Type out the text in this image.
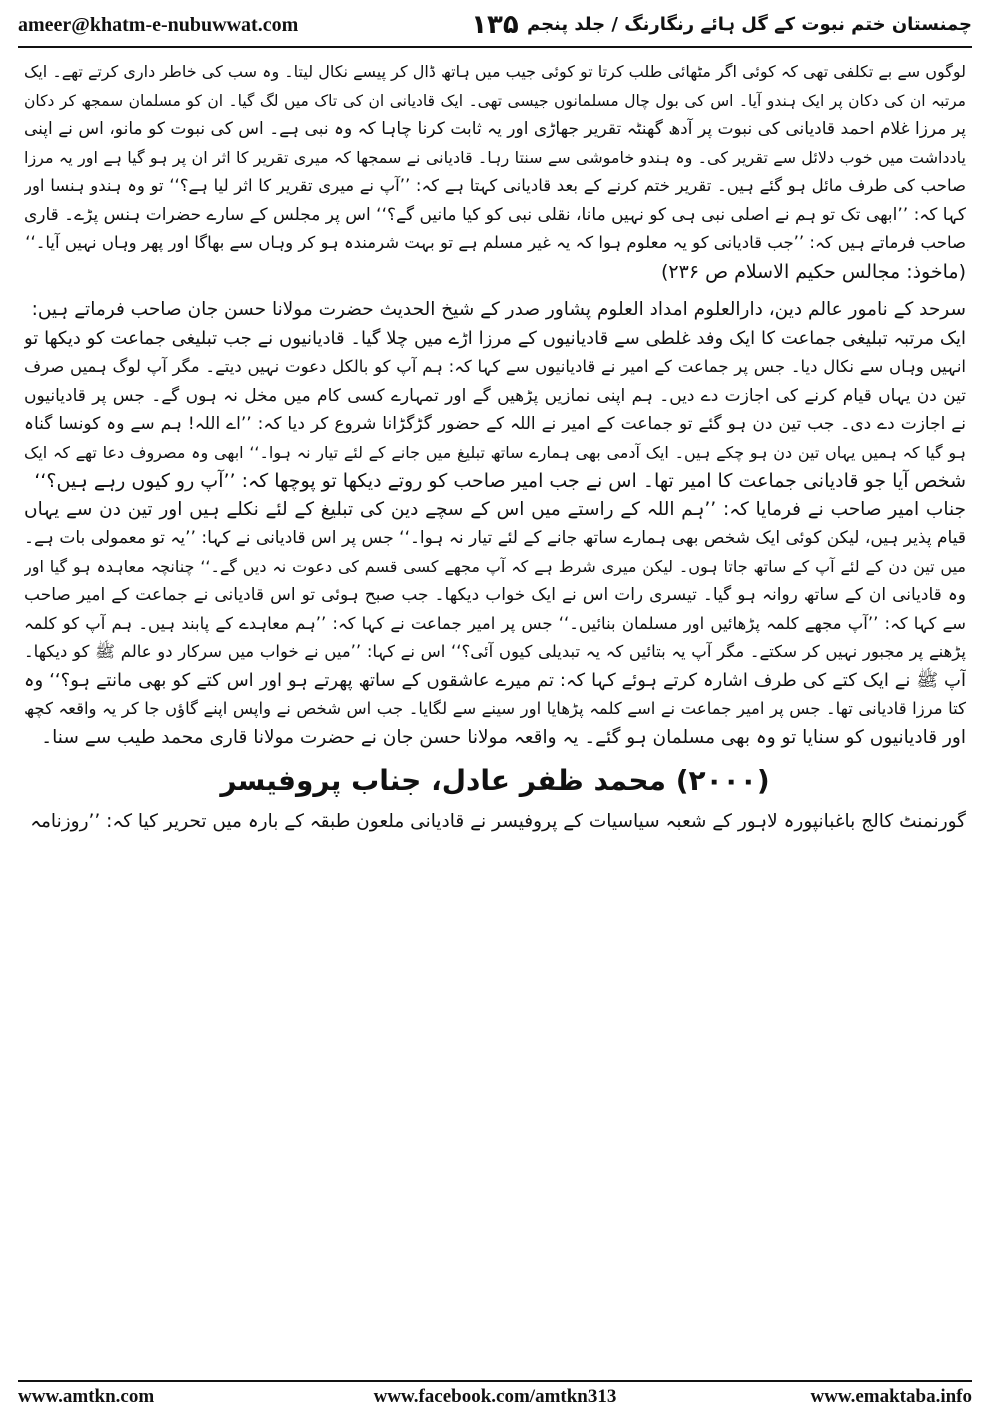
ameer@khatm-e-nubuwwat.com	۱۳۵ چمنستان ختم نبوت کے گل ہائے رنگارنگ / جلد پنجم
لوگوں سے بے تکلفی تھی کہ کوئی اگر مٹھائی طلب کرتا تو کوئی جیب میں ہاتھ ڈال کر پیسے نکال لیتا۔ وہ سب کی خاطر داری کرتے تھے۔ ایک
مرتبہ ان کی دکان پر ایک ہندو آیا۔ اس کی بول چال مسلمانوں جیسی تھی۔ ایک قادیانی ان کی تاک میں لگ گیا۔ ان کو مسلمان سمجھ کر دکان
پر مرزا غلام احمد قادیانی کی نبوت پر آدھ گھنٹہ تقریر جھاڑی اور یہ ثابت کرنا چاہا کہ وہ نبی ہے۔ اس کی نبوت کو مانو، اس نے اپنی
یادداشت میں خوب دلائل سے تقریر کی۔ وہ ہندو خاموشی سے سنتا رہا۔ قادیانی نے سمجھا کہ میری تقریر کا اثر ان پر ہو گیا ہے اور یہ مرزا
صاحب کی طرف مائل ہو گئے ہیں۔ تقریر ختم کرنے کے بعد قادیانی کہتا ہے کہ: ’’آپ نے میری تقریر کا اثر لیا ہے؟‘‘ تو وہ ہندو ہنسا اور
کہا کہ: ’’ابھی تک تو ہم نے اصلی نبی ہی کو نہیں مانا، نقلی نبی کو کیا مانیں گے؟‘‘ اس پر مجلس کے سارے حضرات ہنس پڑے۔ قاری
صاحب فرماتے ہیں کہ: ’’جب قادیانی کو یہ معلوم ہوا کہ یہ غیر مسلم ہے تو بہت شرمندہ ہو کر وہاں سے بھاگا اور پھر وہاں نہیں آیا۔‘‘
(ماخوذ: مجالس حکیم الاسلام ص ۲۳۶)
سرحد کے نامور عالم دین، دارالعلوم امداد العلوم پشاور صدر کے شیخ الحدیث حضرت مولانا حسن جان صاحب فرماتے ہیں:
ایک مرتبہ تبلیغی جماعت کا ایک وفد غلطی سے قادیانیوں کے مرزا اڑے میں چلا گیا۔ قادیانیوں نے جب تبلیغی جماعت کو دیکھا تو
انہیں وہاں سے نکال دیا۔ جس پر جماعت کے امیر نے قادیانیوں سے کہا کہ: ہم آپ کو بالکل دعوت نہیں دیتے۔ مگر آپ لوگ ہمیں صرف
تین دن یہاں قیام کرنے کی اجازت دے دیں۔ ہم اپنی نمازیں پڑھیں گے اور تمہارے کسی کام میں مخل نہ ہوں گے۔ جس پر قادیانیوں
نے اجازت دے دی۔ جب تین دن ہو گئے تو جماعت کے امیر نے اللہ کے حضور گڑگڑانا شروع کر دیا کہ: ’’اے اللہ! ہم سے وہ کونسا گناہ
ہو گیا کہ ہمیں یہاں تین دن ہو چکے ہیں۔ ایک آدمی بھی ہمارے ساتھ تبلیغ میں جانے کے لئے تیار نہ ہوا۔‘‘ ابھی وہ مصروف دعا تھے کہ ایک
شخص آیا جو قادیانی جماعت کا امیر تھا۔ اس نے جب امیر صاحب کو روتے دیکھا تو پوچھا کہ: ’’آپ رو کیوں رہے ہیں؟‘‘
جناب امیر صاحب نے فرمایا کہ: ’’ہم اللہ کے راستے میں اس کے سچے دین کی تبلیغ کے لئے نکلے ہیں اور تین دن سے یہاں
قیام پذیر ہیں، لیکن کوئی ایک شخص بھی ہمارے ساتھ جانے کے لئے تیار نہ ہوا۔‘‘ جس پر اس قادیانی نے کہا: ’’یہ تو معمولی بات ہے۔
میں تین دن کے لئے آپ کے ساتھ جاتا ہوں۔ لیکن میری شرط ہے کہ آپ مجھے کسی قسم کی دعوت نہ دیں گے۔‘‘ چنانچہ معاہدہ ہو گیا اور
وہ قادیانی ان کے ساتھ روانہ ہو گیا۔ تیسری رات اس نے ایک خواب دیکھا۔ جب صبح ہوئی تو اس قادیانی نے جماعت کے امیر صاحب
سے کہا کہ: ’’آپ مجھے کلمہ پڑھائیں اور مسلمان بنائیں۔‘‘ جس پر امیر جماعت نے کہا کہ: ’’ہم معاہدے کے پابند ہیں۔ ہم آپ کو کلمہ
پڑھنے پر مجبور نہیں کر سکتے۔ مگر آپ یہ بتائیں کہ یہ تبدیلی کیوں آئی؟‘‘ اس نے کہا: ’’میں نے خواب میں سرکار دو عالم ﷺ کو دیکھا۔
آپ ﷺ نے ایک کتے کی طرف اشارہ کرتے ہوئے کہا کہ: تم میرے عاشقوں کے ساتھ پھرتے ہو اور اس کتے کو بھی مانتے ہو؟‘‘ وہ
کتا مرزا قادیانی تھا۔ جس پر امیر جماعت نے اسے کلمہ پڑھایا اور سینے سے لگایا۔ جب اس شخص نے واپس اپنے گاؤں جا کر یہ واقعہ کچھ
اور قادیانیوں کو سنایا تو وہ بھی مسلمان ہو گئے۔ یہ واقعہ مولانا حسن جان نے حضرت مولانا قاری محمد طیب سے سنا۔
(۲۰۰۰) محمد ظفر عادل، جناب پروفیسر
گورنمنٹ کالج باغبانپورہ لاہور کے شعبہ سیاسیات کے پروفیسر نے قادیانی ملعون طبقہ کے بارہ میں تحریر کیا کہ: ’’روزنامہ
www.amtkn.com	www.facebook.com/amtkn313	www.emaktaba.info
